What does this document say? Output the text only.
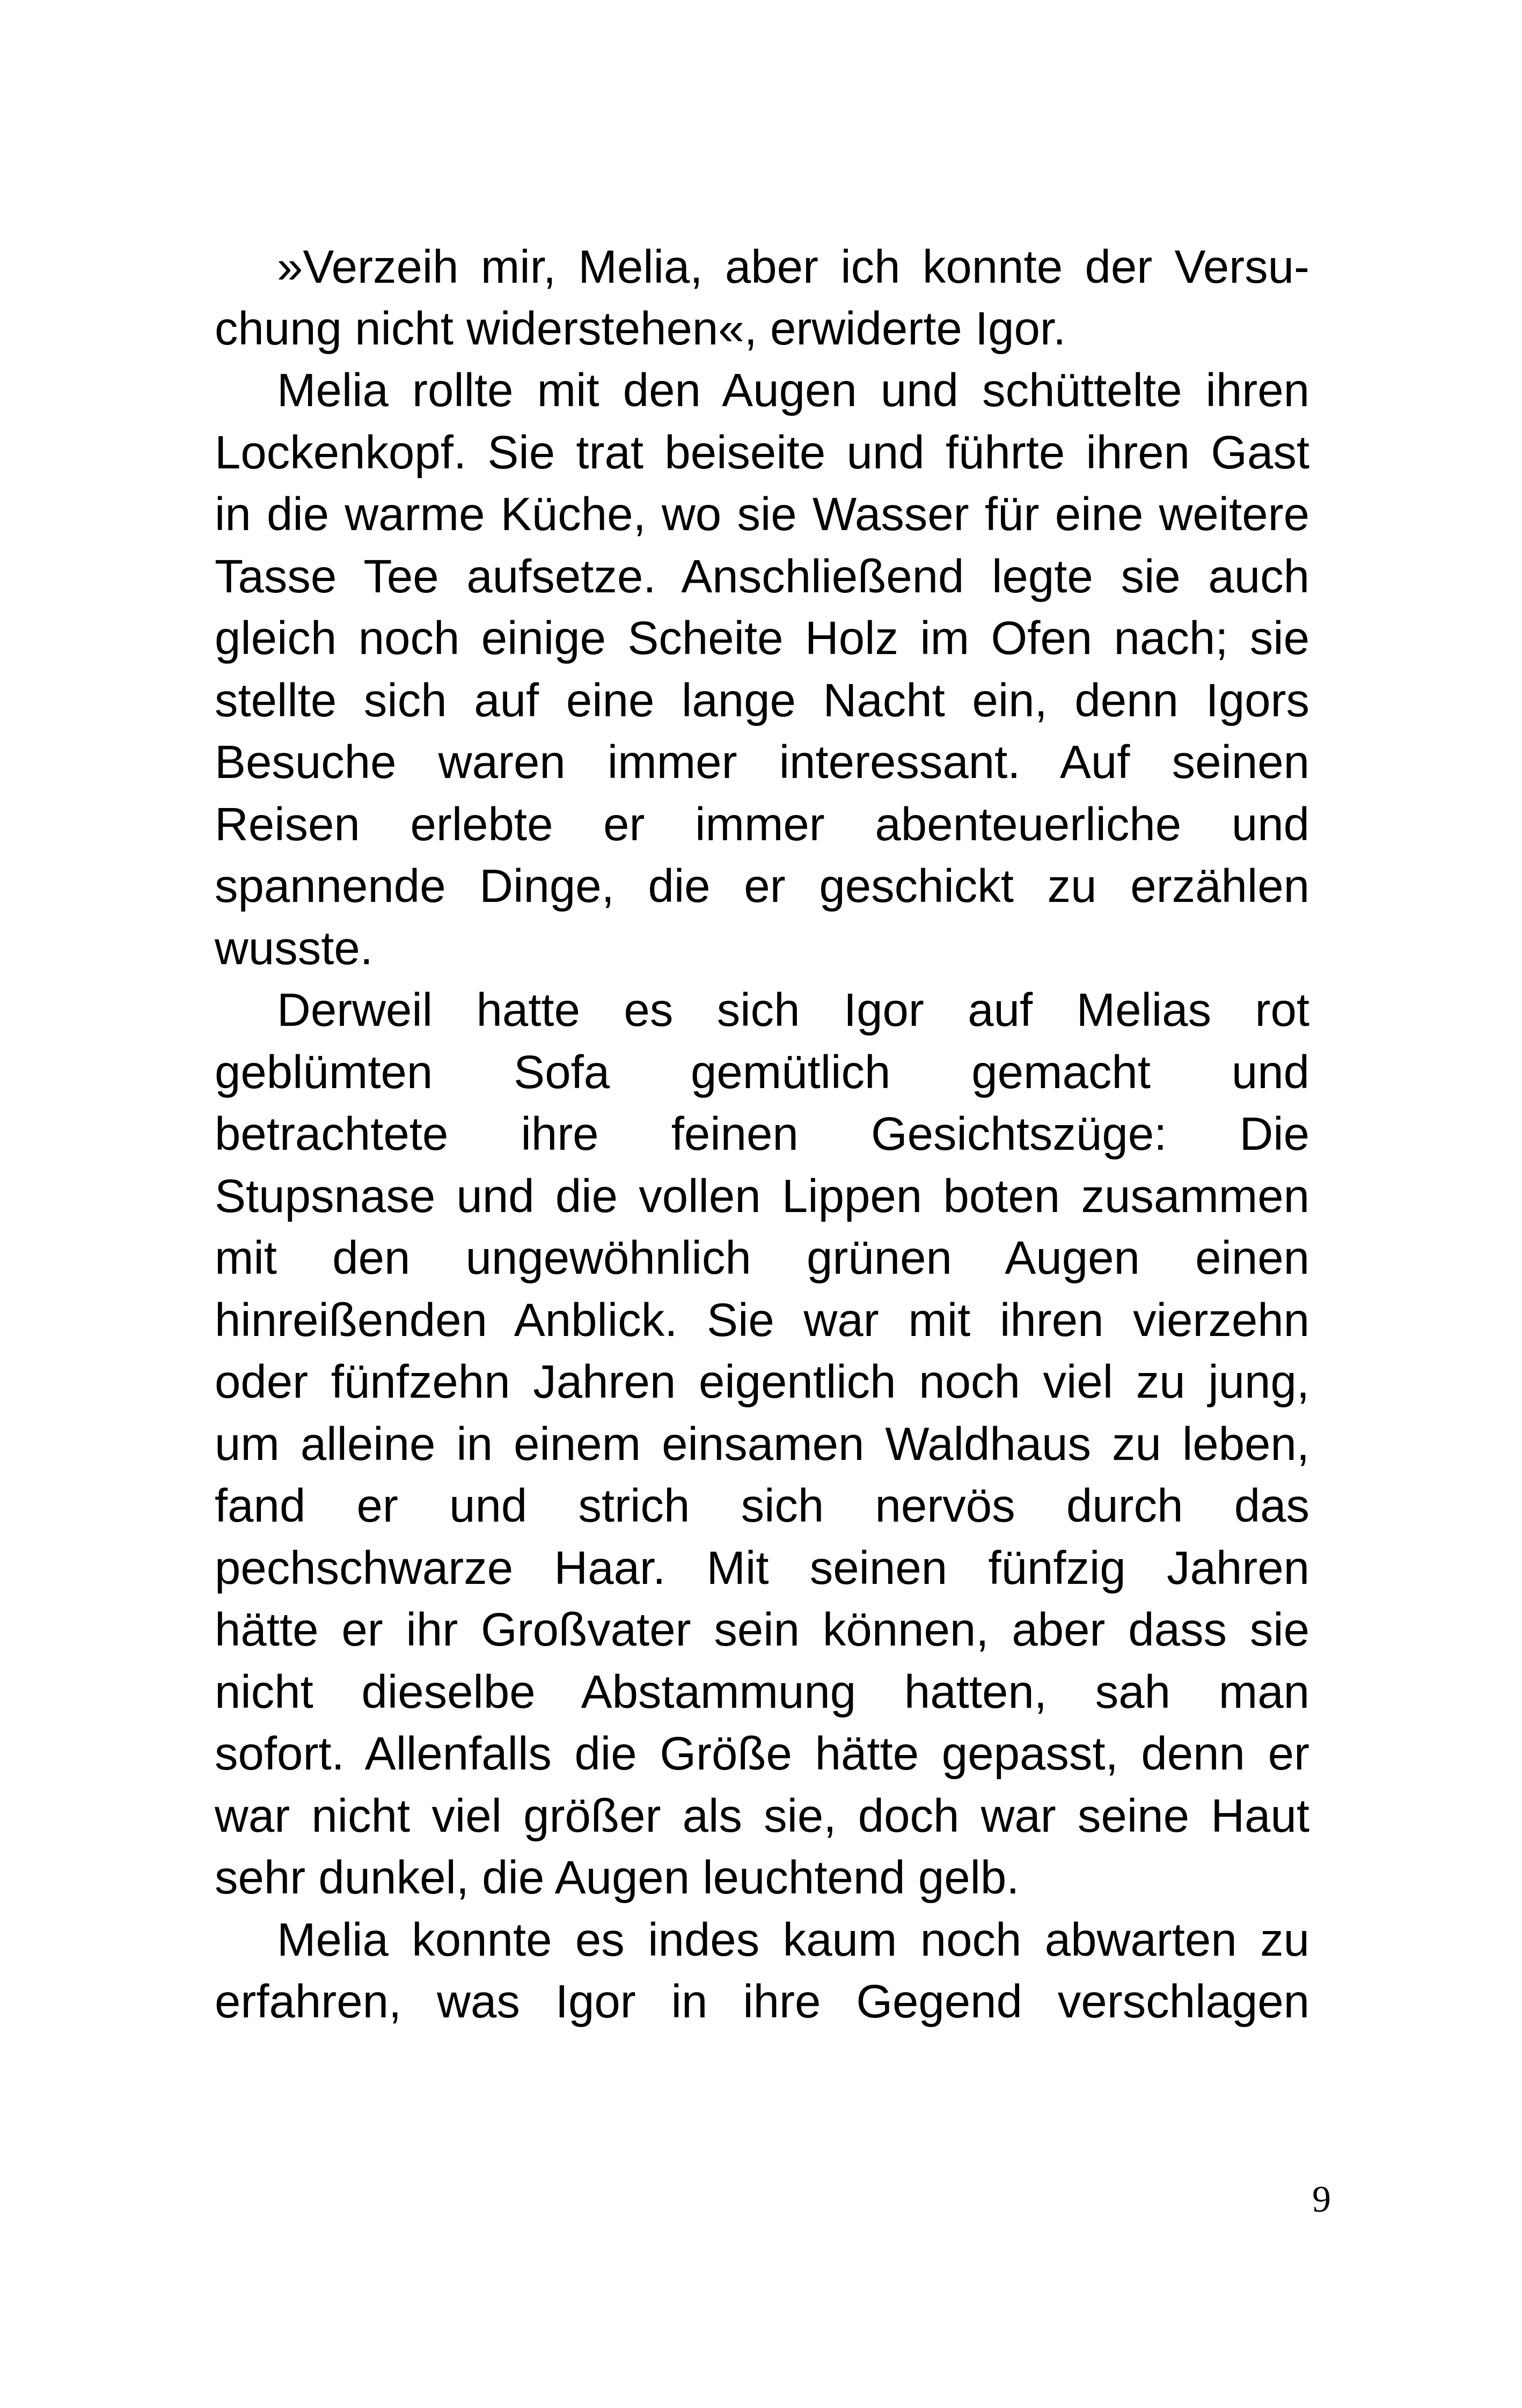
»Verzeih mir, Melia, aber ich konnte der Versu-
chung nicht widerstehen«, erwiderte Igor.
Melia rollte mit den Augen und schüttelte ihren
Lockenkopf. Sie trat beiseite und führte ihren Gast
in die warme Küche, wo sie Wasser für eine weitere
Tasse Tee aufsetze. Anschließend legte sie auch
gleich noch einige Scheite Holz im Ofen nach; sie
stellte sich auf eine lange Nacht ein, denn Igors
Besuche waren immer interessant. Auf seinen
Reisen erlebte er immer abenteuerliche und
spannende Dinge, die er geschickt zu erzählen
wusste.
Derweil hatte es sich Igor auf Melias rot
geblümten Sofa gemütlich gemacht und
betrachtete ihre feinen Gesichtszüge: Die
Stupsnase und die vollen Lippen boten zusammen
mit den ungewöhnlich grünen Augen einen
hinreißenden Anblick. Sie war mit ihren vierzehn
oder fünfzehn Jahren eigentlich noch viel zu jung,
um alleine in einem einsamen Waldhaus zu leben,
fand er und strich sich nervös durch das
pechschwarze Haar. Mit seinen fünfzig Jahren
hätte er ihr Großvater sein können, aber dass sie
nicht dieselbe Abstammung hatten, sah man
sofort. Allenfalls die Größe hätte gepasst, denn er
war nicht viel größer als sie, doch war seine Haut
sehr dunkel, die Augen leuchtend gelb.
Melia konnte es indes kaum noch abwarten zu
erfahren, was Igor in ihre Gegend verschlagen
9
